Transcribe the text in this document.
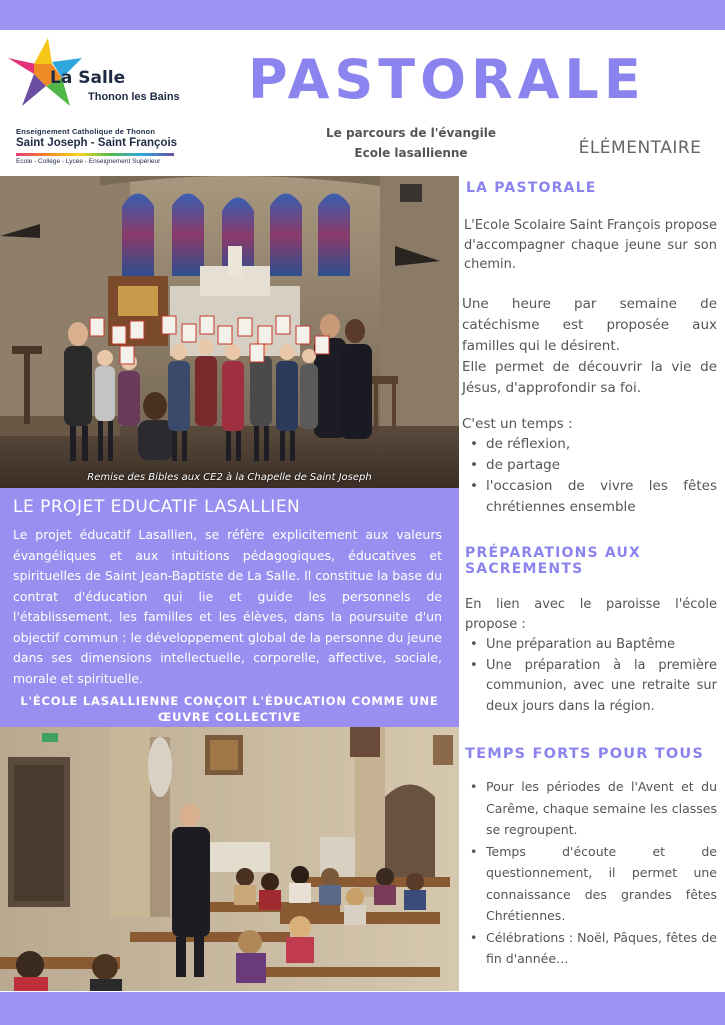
La Salle
Thonon les Bains
Enseignement Catholique de Thonon
Saint Joseph - Saint François
Ecole - Collège - Lycée - Enseignement Supérieur
PASTORALE
Le parcours de l'évangile
Ecole lasallienne	ÉLÉMENTAIRE
Remise des Bibles aux CE2 à la Chapelle de Saint Joseph
LE PROJET EDUCATIF LASALLIEN
Le projet éducatif Lasallien, se réfère explicitement aux valeurs évangéliques et aux intuitions pédagogiques, éducatives et spirituelles de Saint Jean-Baptiste de La Salle. Il constitue la base du contrat d'éducation qui lie et guide les personnels de l'établissement, les familles et les élèves, dans la poursuite d'un objectif commun : le développement global de la personne du jeune dans ses dimensions intellectuelle, corporelle, affective, sociale, morale et spirituelle.
L'ÉCOLE LASALLIENNE CONÇOIT L'ÉDUCATION COMME UNE ŒUVRE COLLECTIVE
LA PASTORALE
L'Ecole Scolaire Saint François propose d'accompagner chaque jeune sur son chemin.
Une heure par semaine de catéchisme est proposée aux familles qui le désirent.
Elle permet de découvrir la vie de Jésus, d'approfondir sa foi.
C'est un temps :
• de réflexion,
• de partage
• l'occasion de vivre les fêtes chrétiennes ensemble
PRÉPARATIONS AUX SACREMENTS
En lien avec le paroisse l'école propose :
• Une préparation au Baptême
• Une préparation à la première communion, avec une retraite sur deux jours dans la région.
TEMPS FORTS POUR TOUS
• Pour les périodes de l'Avent et du Carême, chaque semaine les classes se regroupent.
• Temps d'écoute et de questionnement, il permet une connaissance des grandes fêtes Chrétiennes.
• Célébrations : Noël, Pâques, fêtes de fin d'année…
